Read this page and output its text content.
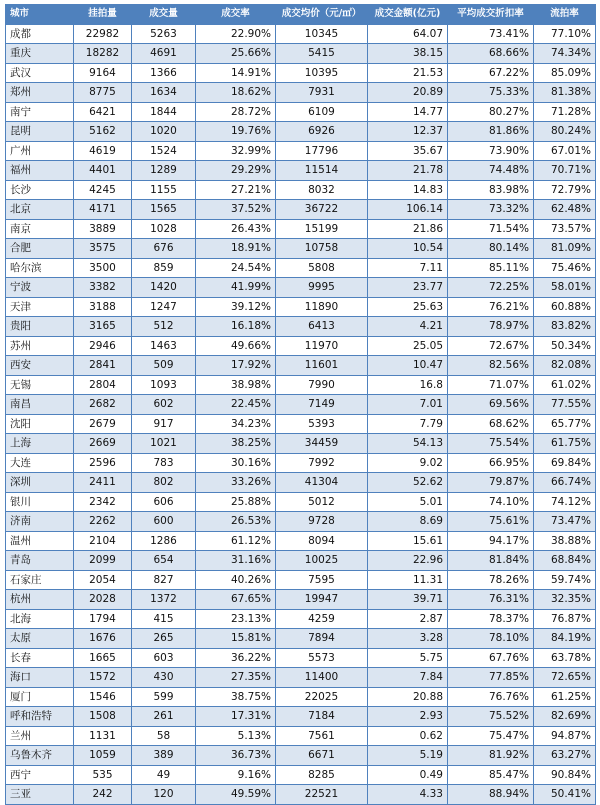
城市	挂拍量	成交量	成交率	成交均价（元/㎡）	成交金额(亿元)	平均成交折扣率	流拍率
成都	22982	5263	22.90%	10345	64.07	73.41%	77.10%
重庆	18282	4691	25.66%	5415	38.15	68.66%	74.34%
武汉	9164	1366	14.91%	10395	21.53	67.22%	85.09%
郑州	8775	1634	18.62%	7931	20.89	75.33%	81.38%
南宁	6421	1844	28.72%	6109	14.77	80.27%	71.28%
昆明	5162	1020	19.76%	6926	12.37	81.86%	80.24%
广州	4619	1524	32.99%	17796	35.67	73.90%	67.01%
福州	4401	1289	29.29%	11514	21.78	74.48%	70.71%
长沙	4245	1155	27.21%	8032	14.83	83.98%	72.79%
北京	4171	1565	37.52%	36722	106.14	73.32%	62.48%
南京	3889	1028	26.43%	15199	21.86	71.54%	73.57%
合肥	3575	676	18.91%	10758	10.54	80.14%	81.09%
哈尔滨	3500	859	24.54%	5808	7.11	85.11%	75.46%
宁波	3382	1420	41.99%	9995	23.77	72.25%	58.01%
天津	3188	1247	39.12%	11890	25.63	76.21%	60.88%
贵阳	3165	512	16.18%	6413	4.21	78.97%	83.82%
苏州	2946	1463	49.66%	11970	25.05	72.67%	50.34%
西安	2841	509	17.92%	11601	10.47	82.56%	82.08%
无锡	2804	1093	38.98%	7990	16.8	71.07%	61.02%
南昌	2682	602	22.45%	7149	7.01	69.56%	77.55%
沈阳	2679	917	34.23%	5393	7.79	68.62%	65.77%
上海	2669	1021	38.25%	34459	54.13	75.54%	61.75%
大连	2596	783	30.16%	7992	9.02	66.95%	69.84%
深圳	2411	802	33.26%	41304	52.62	79.87%	66.74%
银川	2342	606	25.88%	5012	5.01	74.10%	74.12%
济南	2262	600	26.53%	9728	8.69	75.61%	73.47%
温州	2104	1286	61.12%	8094	15.61	94.17%	38.88%
青岛	2099	654	31.16%	10025	22.96	81.84%	68.84%
石家庄	2054	827	40.26%	7595	11.31	78.26%	59.74%
杭州	2028	1372	67.65%	19947	39.71	76.31%	32.35%
北海	1794	415	23.13%	4259	2.87	78.37%	76.87%
太原	1676	265	15.81%	7894	3.28	78.10%	84.19%
长春	1665	603	36.22%	5573	5.75	67.76%	63.78%
海口	1572	430	27.35%	11400	7.84	77.85%	72.65%
厦门	1546	599	38.75%	22025	20.88	76.76%	61.25%
呼和浩特	1508	261	17.31%	7184	2.93	75.52%	82.69%
兰州	1131	58	5.13%	7561	0.62	75.47%	94.87%
乌鲁木齐	1059	389	36.73%	6671	5.19	81.92%	63.27%
西宁	535	49	9.16%	8285	0.49	85.47%	90.84%
三亚	242	120	49.59%	22521	4.33	88.94%	50.41%
